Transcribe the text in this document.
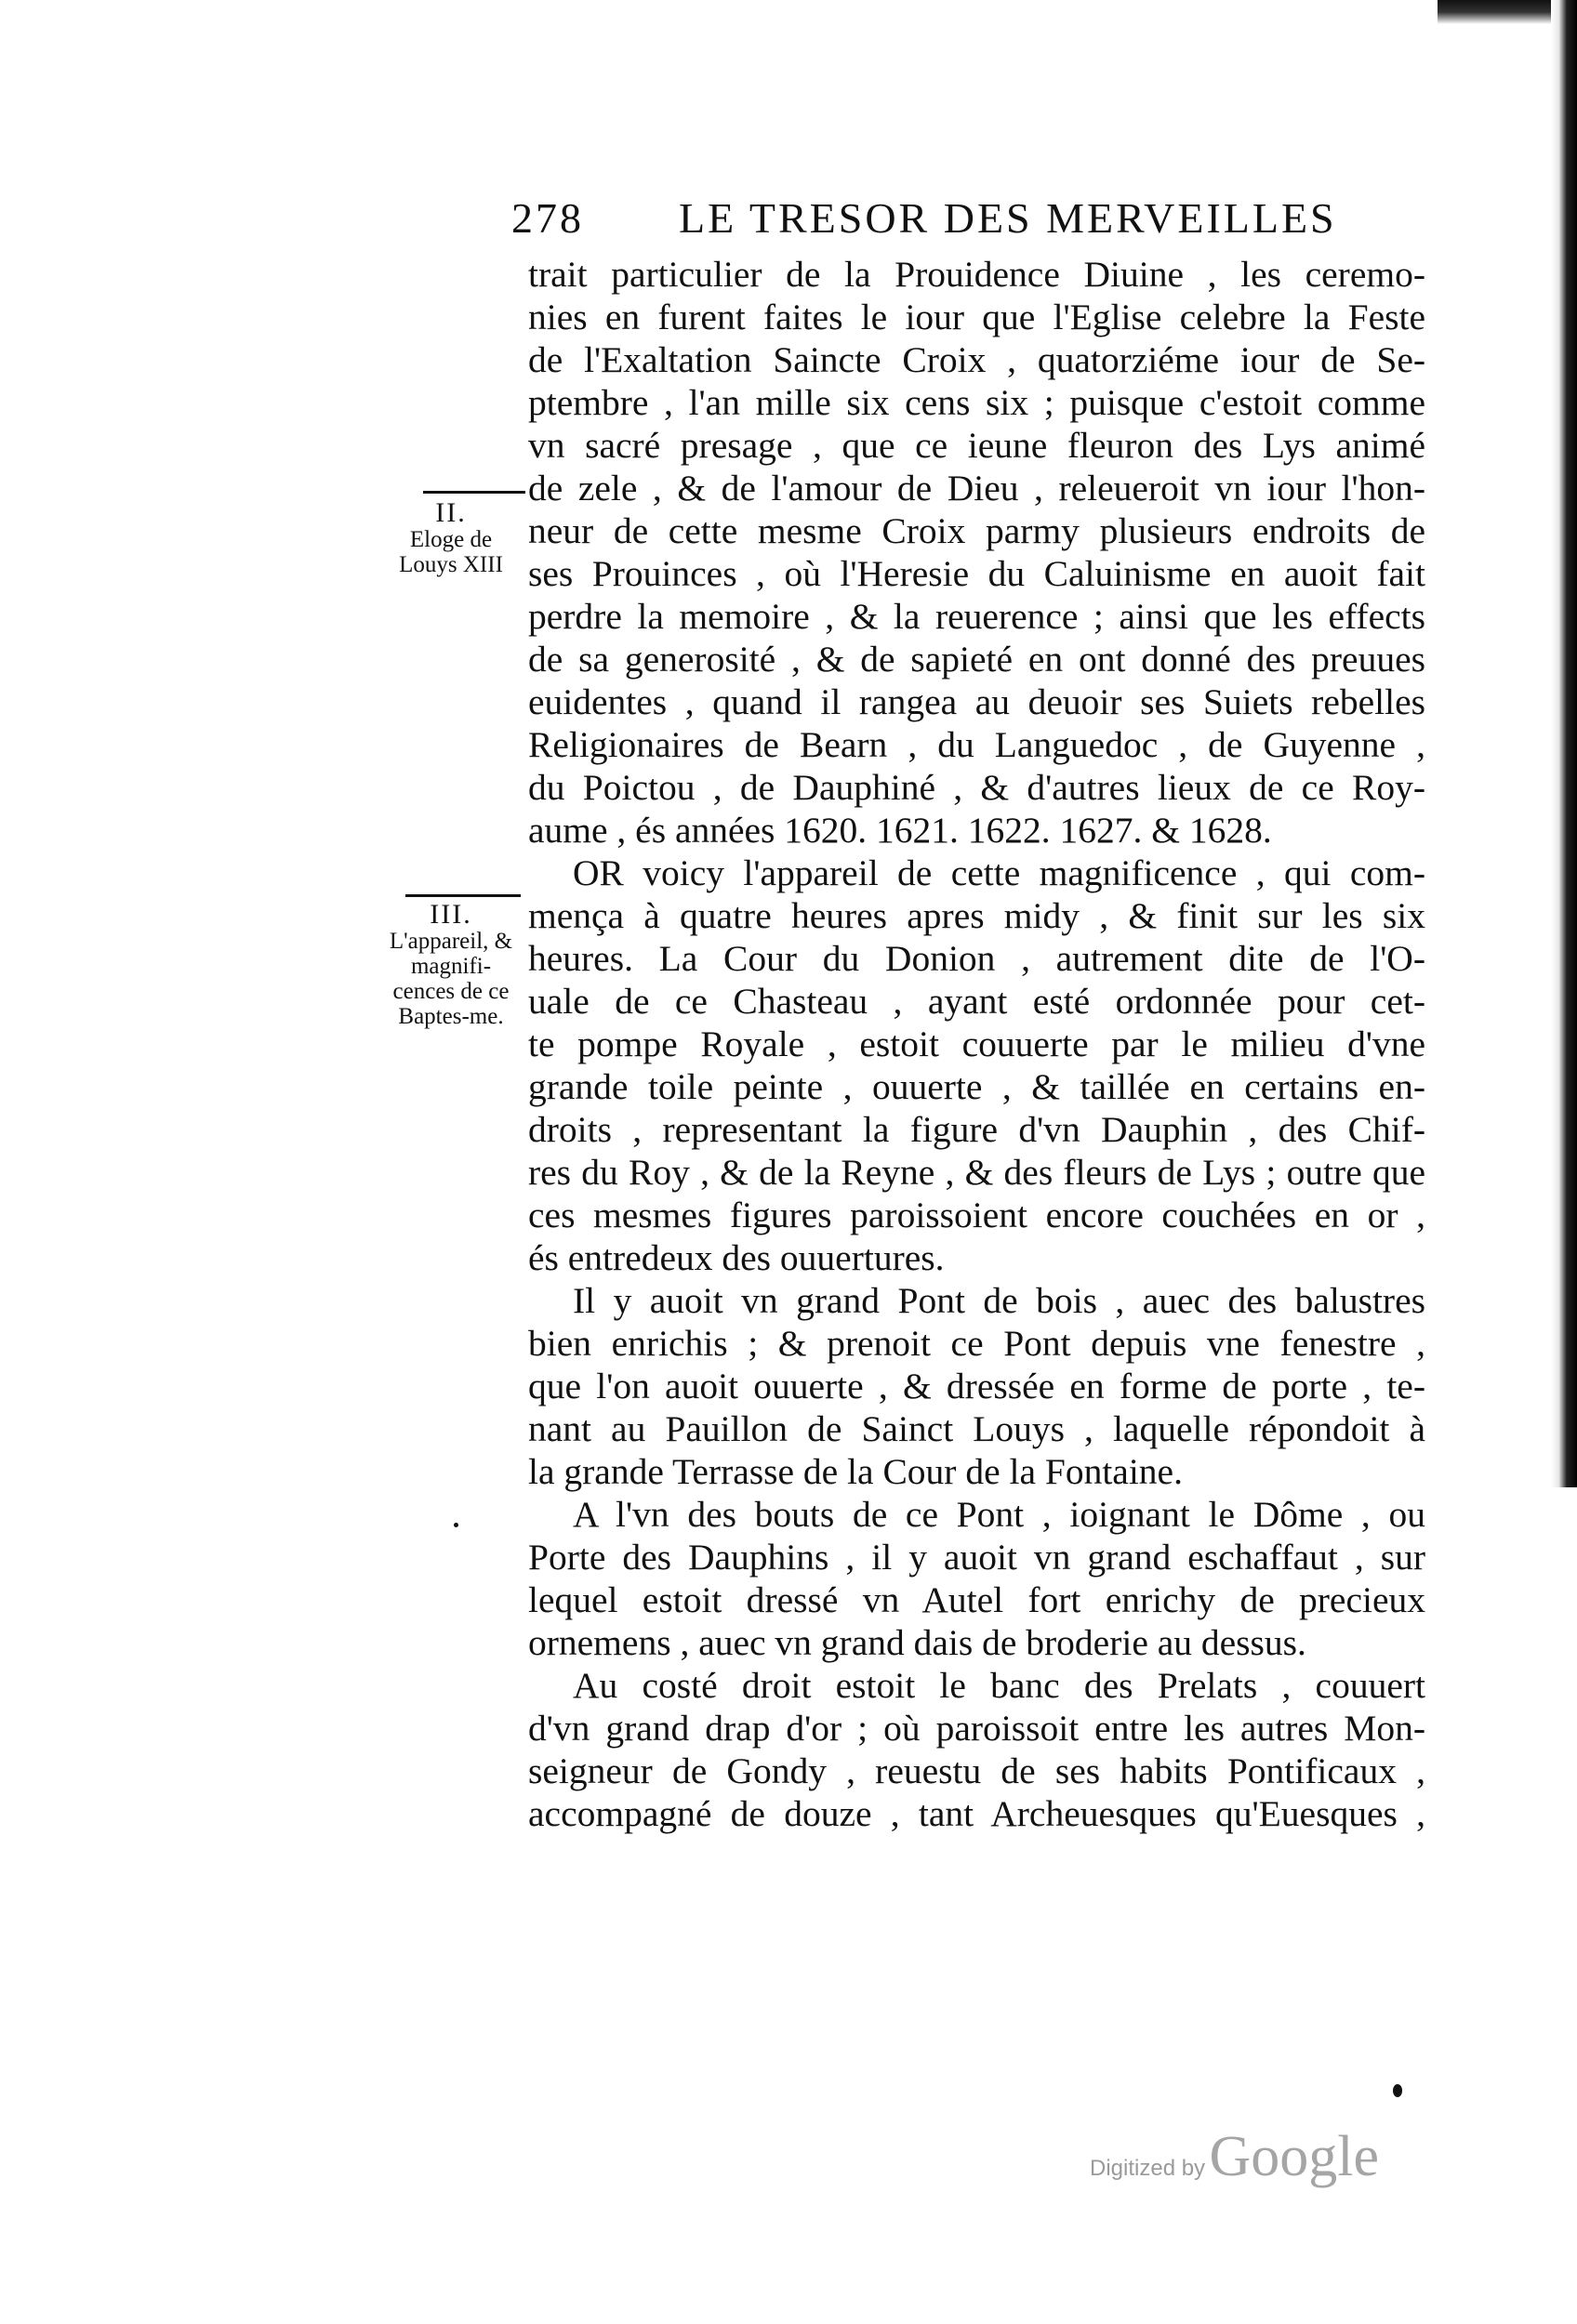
278 LE TRESOR DES MERVEILLES
II.
Eloge de Louys XIII
III.
L'appareil, & magnifi-cences de ce Baptes-me.
trait particulier de la Prouidence Diuine , les ceremo-
nies en furent faites le iour que l'Eglise celebre la Feste
de l'Exaltation Saincte Croix , quatorziéme iour de Se-
ptembre , l'an mille six cens six ; puisque c'estoit comme
vn sacré presage , que ce ieune fleuron des Lys animé
de zele , & de l'amour de Dieu , releueroit vn iour l'hon-
neur de cette mesme Croix parmy plusieurs endroits de
ses Prouinces , où l'Heresie du Caluinisme en auoit fait
perdre la memoire , & la reuerence ; ainsi que les effects
de sa generosité , & de sapieté en ont donné des preuues
euidentes , quand il rangea au deuoir ses Suiets rebelles
Religionaires de Bearn , du Languedoc , de Guyenne ,
du Poictou , de Dauphiné , & d'autres lieux de ce Roy-
aume , és années 1620. 1621. 1622. 1627. & 1628.
OR voicy l'appareil de cette magnificence , qui com-
mença à quatre heures apres midy , & finit sur les six
heures. La Cour du Donion , autrement dite de l'O-
uale de ce Chasteau , ayant esté ordonnée pour cet-
te pompe Royale , estoit couuerte par le milieu d'vne
grande toile peinte , ouuerte , & taillée en certains en-
droits , representant la figure d'vn Dauphin , des Chif-
res du Roy , & de la Reyne , & des fleurs de Lys ; outre que
ces mesmes figures paroissoient encore couchées en or ,
és entredeux des ouuertures.
Il y auoit vn grand Pont de bois , auec des balustres
bien enrichis ; & prenoit ce Pont depuis vne fenestre ,
que l'on auoit ouuerte , & dressée en forme de porte , te-
nant au Pauillon de Sainct Louys , laquelle répondoit à
la grande Terrasse de la Cour de la Fontaine.
A l'vn des bouts de ce Pont , ioignant le Dôme , ou
Porte des Dauphins , il y auoit vn grand eschaffaut , sur
lequel estoit dressé vn Autel fort enrichy de precieux
ornemens , auec vn grand dais de broderie au dessus.
Au costé droit estoit le banc des Prelats , couuert
d'vn grand drap d'or ; où paroissoit entre les autres Mon-
seigneur de Gondy , reuestu de ses habits Pontificaux ,
accompagné de douze , tant Archeuesques qu'Euesques ,
Digitized by Google
